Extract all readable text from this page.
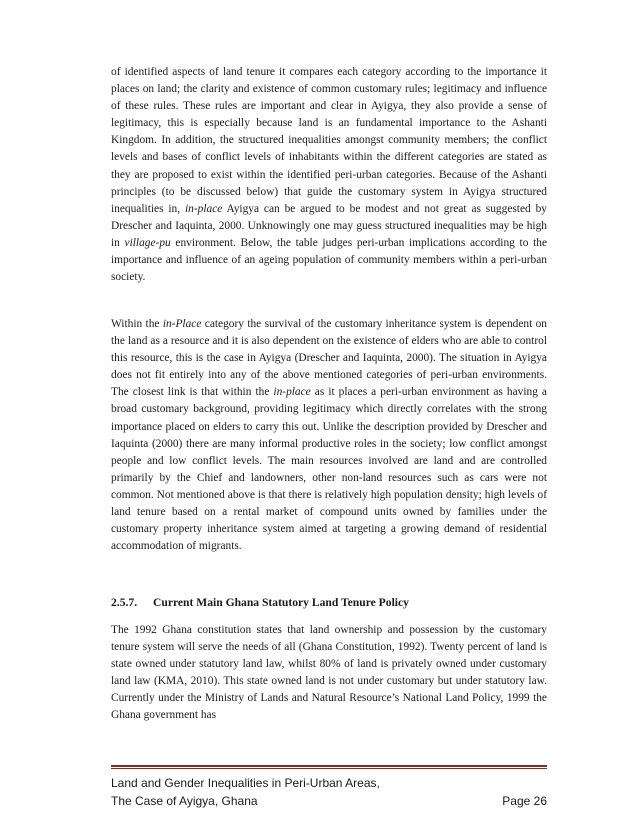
of identified aspects of land tenure it compares each category according to the importance it places on land; the clarity and existence of common customary rules; legitimacy and influence of these rules. These rules are important and clear in Ayigya, they also provide a sense of legitimacy, this is especially because land is an fundamental importance to the Ashanti Kingdom. In addition, the structured inequalities amongst community members; the conflict levels and bases of conflict levels of inhabitants within the different categories are stated as they are proposed to exist within the identified peri-urban categories. Because of the Ashanti principles (to be discussed below) that guide the customary system in Ayigya structured inequalities in, in-place Ayigya can be argued to be modest and not great as suggested by Drescher and Iaquinta, 2000. Unknowingly one may guess structured inequalities may be high in village-pu environment. Below, the table judges peri-urban implications according to the importance and influence of an ageing population of community members within a peri-urban society.

Within the in-Place category the survival of the customary inheritance system is dependent on the land as a resource and it is also dependent on the existence of elders who are able to control this resource, this is the case in Ayigya (Drescher and Iaquinta, 2000). The situation in Ayigya does not fit entirely into any of the above mentioned categories of peri-urban environments. The closest link is that within the in-place as it places a peri-urban environment as having a broad customary background, providing legitimacy which directly correlates with the strong importance placed on elders to carry this out. Unlike the description provided by Drescher and Iaquinta (2000) there are many informal productive roles in the society; low conflict amongst people and low conflict levels. The main resources involved are land and are controlled primarily by the Chief and landowners, other non-land resources such as cars were not common. Not mentioned above is that there is relatively high population density; high levels of land tenure based on a rental market of compound units owned by families under the customary property inheritance system aimed at targeting a growing demand of residential accommodation of migrants.

2.5.7. Current Main Ghana Statutory Land Tenure Policy

The 1992 Ghana constitution states that land ownership and possession by the customary tenure system will serve the needs of all (Ghana Constitution, 1992). Twenty percent of land is state owned under statutory land law, whilst 80% of land is privately owned under customary land law (KMA, 2010). This state owned land is not under customary but under statutory law. Currently under the Ministry of Lands and Natural Resource’s National Land Policy, 1999 the Ghana government has

Land and Gender Inequalities in Peri-Urban Areas,
The Case of Ayigya, Ghana	Page 26
